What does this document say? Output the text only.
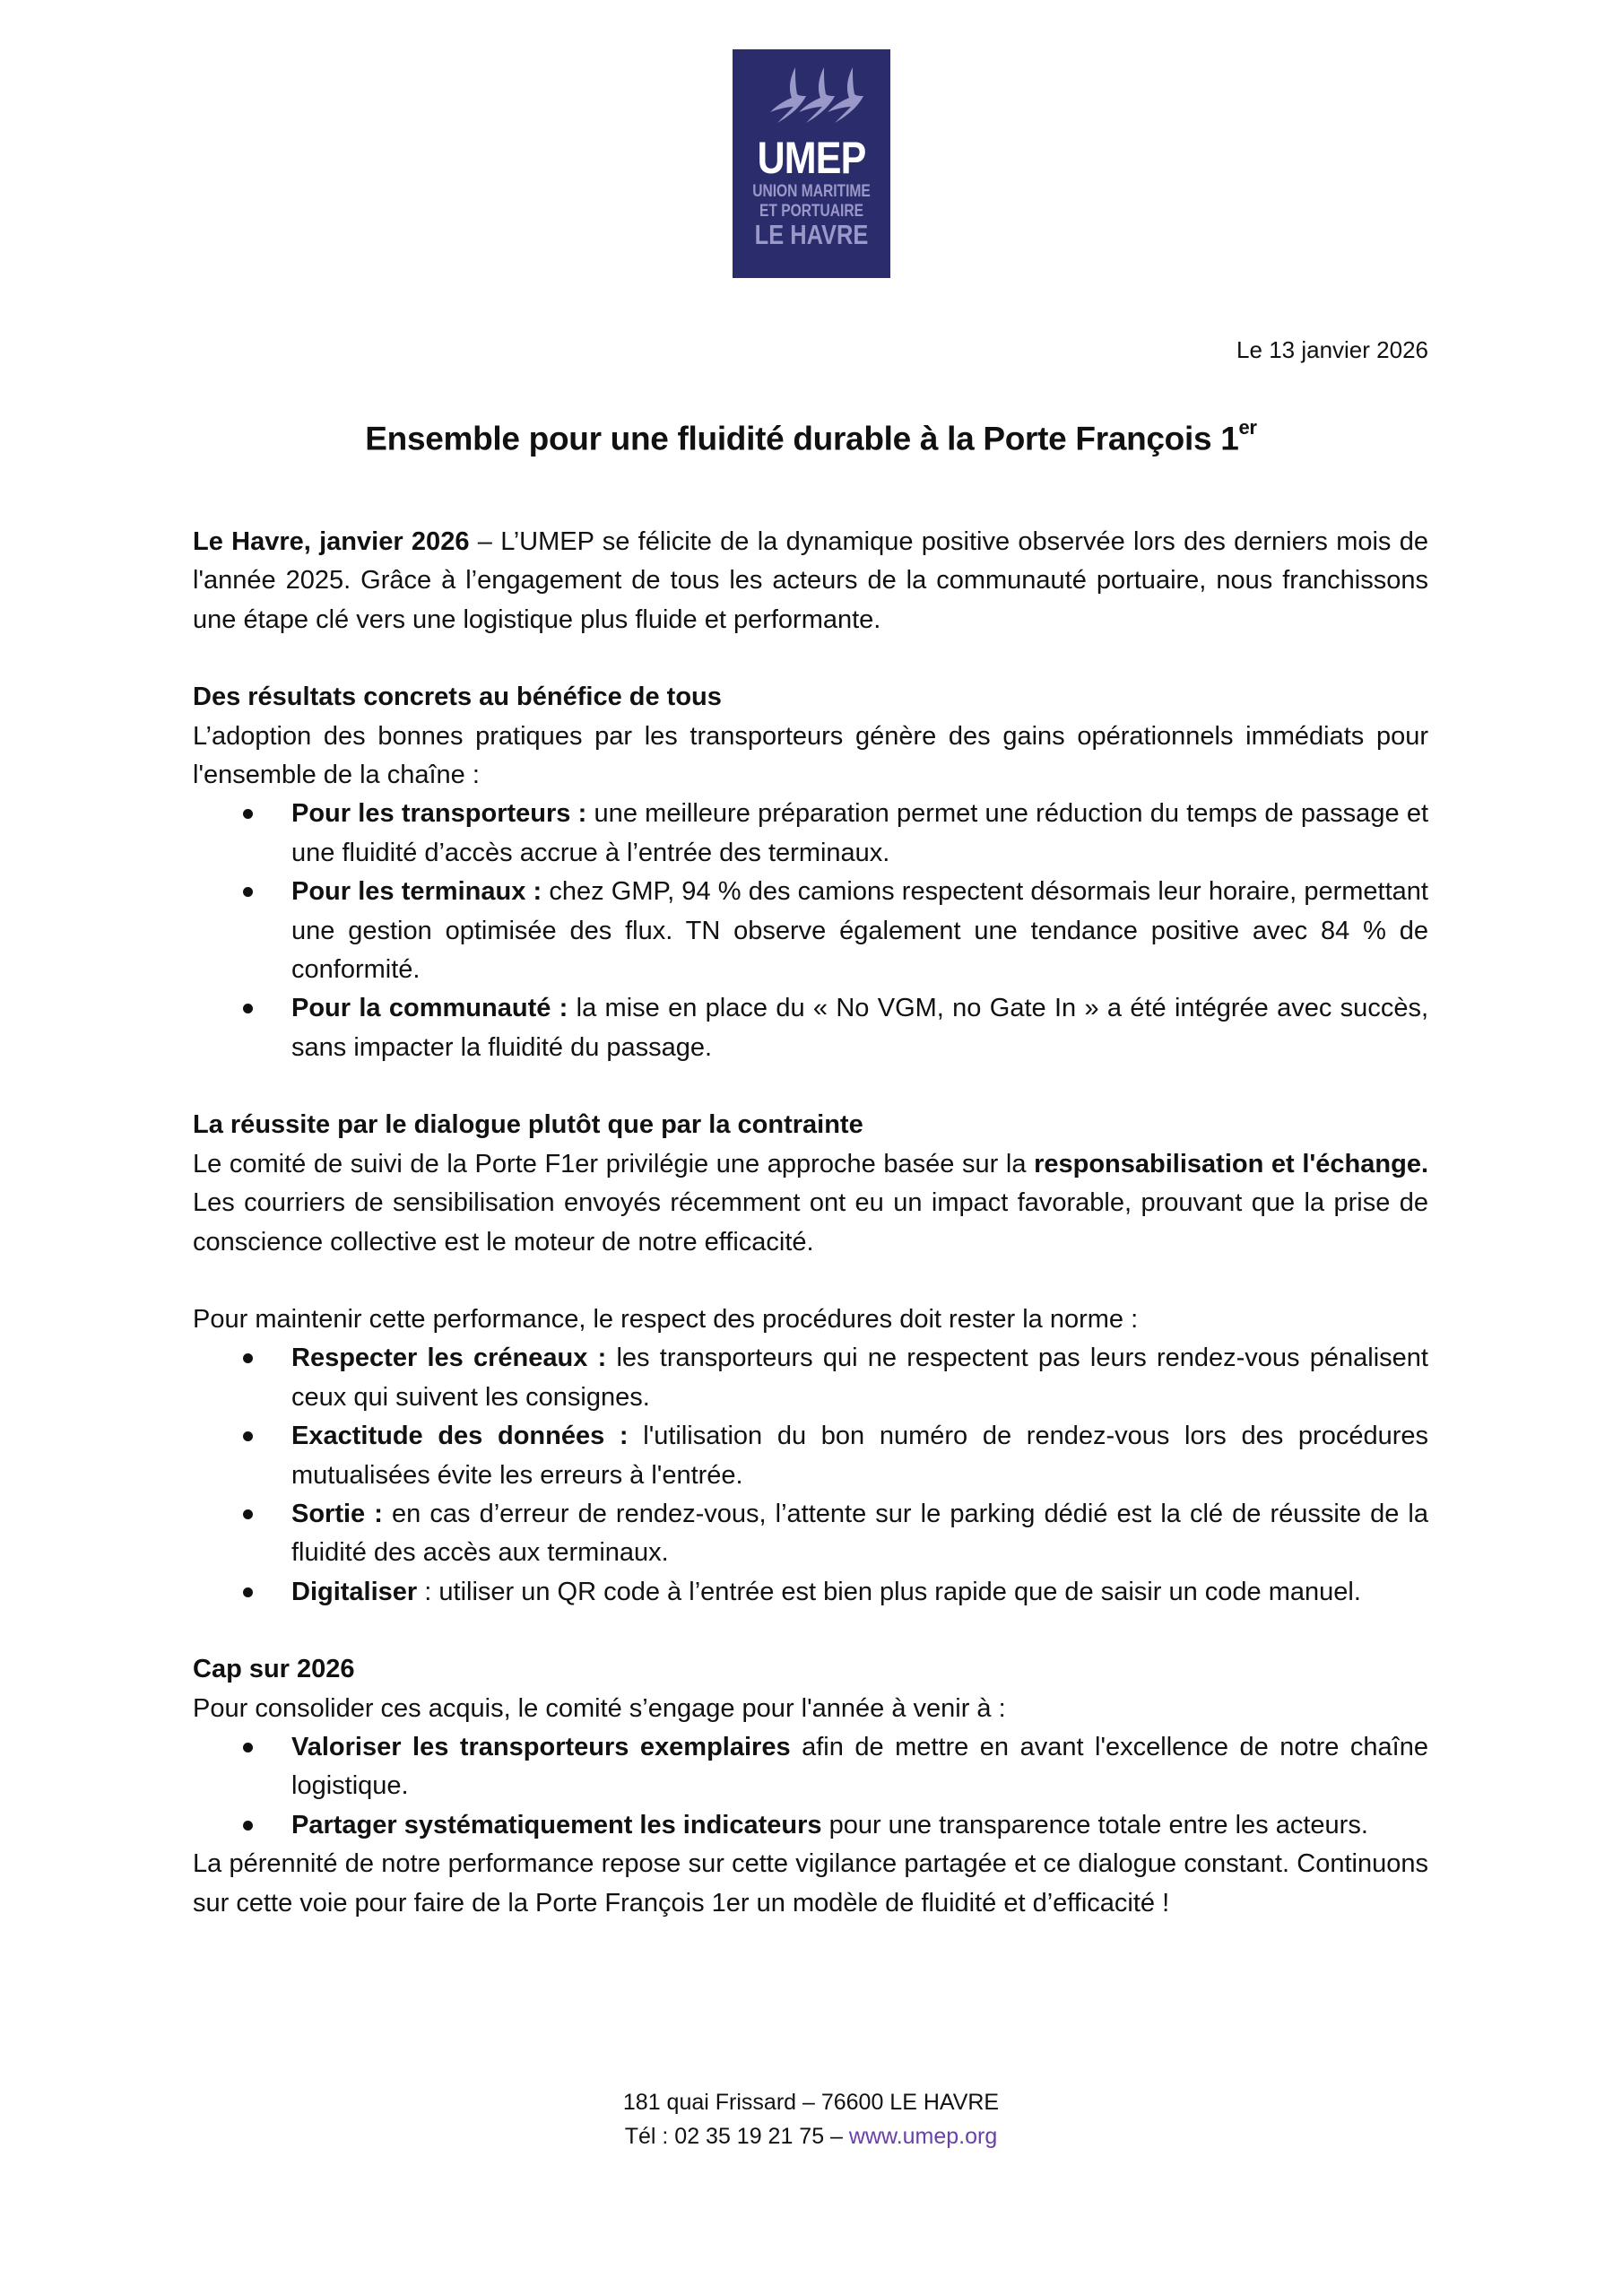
UMEP
UNION MARITIME
ET PORTUAIRE
LE HAVRE
Le 13 janvier 2026
Ensemble pour une fluidité durable à la Porte François 1er

Le Havre, janvier 2026 – L’UMEP se félicite de la dynamique positive observée lors des derniers mois de l'année 2025. Grâce à l’engagement de tous les acteurs de la communauté portuaire, nous franchissons une étape clé vers une logistique plus fluide et performante.

Des résultats concrets au bénéfice de tous

L’adoption des bonnes pratiques par les transporteurs génère des gains opérationnels immédiats pour l'ensemble de la chaîne :

Pour les transporteurs : une meilleure préparation permet une réduction du temps de passage et une fluidité d’accès accrue à l’entrée des terminaux.
Pour les terminaux : chez GMP, 94 % des camions respectent désormais leur horaire, permettant une gestion optimisée des flux. TN observe également une tendance positive avec 84 % de conformité.
Pour la communauté : la mise en place du « No VGM, no Gate In » a été intégrée avec succès, sans impacter la fluidité du passage.
La réussite par le dialogue plutôt que par la contrainte

Le comité de suivi de la Porte F1er privilégie une approche basée sur la responsabilisation et l'échange. Les courriers de sensibilisation envoyés récemment ont eu un impact favorable, prouvant que la prise de conscience collective est le moteur de notre efficacité.

Pour maintenir cette performance, le respect des procédures doit rester la norme :

Respecter les créneaux : les transporteurs qui ne respectent pas leurs rendez-vous pénalisent ceux qui suivent les consignes.
Exactitude des données : l'utilisation du bon numéro de rendez-vous lors des procédures mutualisées évite les erreurs à l'entrée.
Sortie : en cas d’erreur de rendez-vous, l’attente sur le parking dédié est la clé de réussite de la fluidité des accès aux terminaux.
Digitaliser : utiliser un QR code à l’entrée est bien plus rapide que de saisir un code manuel.
Cap sur 2026

Pour consolider ces acquis, le comité s’engage pour l'année à venir à :

Valoriser les transporteurs exemplaires afin de mettre en avant l'excellence de notre chaîne logistique.
Partager systématiquement les indicateurs pour une transparence totale entre les acteurs.

La pérennité de notre performance repose sur cette vigilance partagée et ce dialogue constant. Continuons sur cette voie pour faire de la Porte François 1er un modèle de fluidité et d’efficacité !

181 quai Frissard – 76600 LE HAVRE
Tél : 02 35 19 21 75 – www.umep.org
